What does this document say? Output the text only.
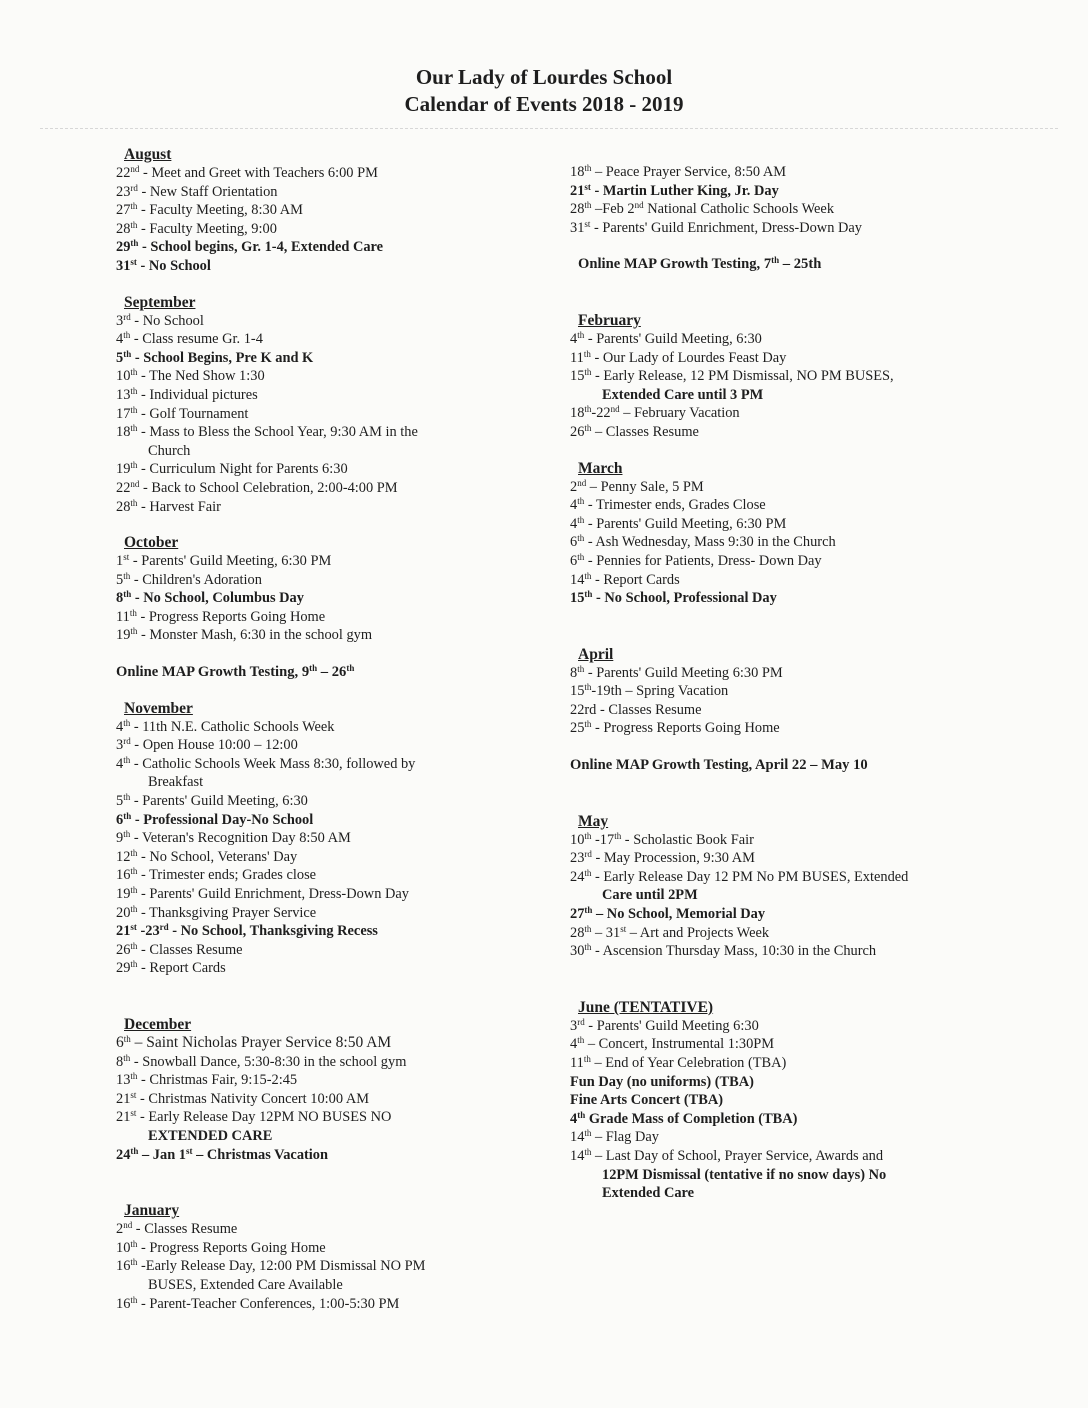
Our Lady of Lourdes School
Calendar of Events 2018 - 2019
August
22nd - Meet and Greet with Teachers 6:00 PM
23rd - New Staff Orientation
27th - Faculty Meeting, 8:30 AM
28th - Faculty Meeting, 9:00
29th - School begins, Gr. 1-4, Extended Care
31st - No School
September
3rd - No School
4th - Class resume Gr. 1-4
5th - School Begins, Pre K and K
10th - The Ned Show 1:30
13th - Individual pictures
17th - Golf Tournament
18th - Mass to Bless the School Year, 9:30 AM in the
Church
19th - Curriculum Night for Parents 6:30
22nd - Back to School Celebration, 2:00-4:00 PM
28th - Harvest Fair
October
1st - Parents' Guild Meeting, 6:30 PM
5th - Children's Adoration
8th - No School, Columbus Day
11th - Progress Reports Going Home
19th - Monster Mash, 6:30 in the school gym
Online MAP Growth Testing, 9th – 26th
November
4th - 11th N.E. Catholic Schools Week
3rd - Open House 10:00 – 12:00
4th - Catholic Schools Week Mass 8:30, followed by
Breakfast
5th - Parents' Guild Meeting, 6:30
6th - Professional Day-No School
9th - Veteran's Recognition Day 8:50 AM
12th - No School, Veterans' Day
16th - Trimester ends; Grades close
19th - Parents' Guild Enrichment, Dress-Down Day
20th - Thanksgiving Prayer Service
21st -23rd - No School, Thanksgiving Recess
26th - Classes Resume
29th - Report Cards
December
6th – Saint Nicholas Prayer Service 8:50 AM
8th - Snowball Dance, 5:30-8:30 in the school gym
13th - Christmas Fair, 9:15-2:45
21st - Christmas Nativity Concert 10:00 AM
21st - Early Release Day 12PM NO BUSES NO
EXTENDED CARE
24th – Jan 1st – Christmas Vacation
January
2nd - Classes Resume
10th - Progress Reports Going Home
16th -Early Release Day, 12:00 PM Dismissal NO PM
BUSES, Extended Care Available
16th - Parent-Teacher Conferences, 1:00-5:30 PM
18th – Peace Prayer Service, 8:50 AM
21st - Martin Luther King, Jr. Day
28th –Feb 2nd National Catholic Schools Week
31st - Parents' Guild Enrichment, Dress-Down Day
Online MAP Growth Testing, 7th – 25th
February
4th - Parents' Guild Meeting, 6:30
11th - Our Lady of Lourdes Feast Day
15th - Early Release, 12 PM Dismissal, NO PM BUSES,
Extended Care until 3 PM
18th-22nd – February Vacation
26th – Classes Resume
March
2nd – Penny Sale, 5 PM
4th - Trimester ends, Grades Close
4th - Parents' Guild Meeting, 6:30 PM
6th - Ash Wednesday, Mass 9:30 in the Church
6th - Pennies for Patients, Dress- Down Day
14th - Report Cards
15th - No School, Professional Day
April
8th - Parents' Guild Meeting 6:30 PM
15th-19th – Spring Vacation
22rd - Classes Resume
25th - Progress Reports Going Home
Online MAP Growth Testing, April 22 – May 10
May
10th -17th - Scholastic Book Fair
23rd - May Procession, 9:30 AM
24th - Early Release Day 12 PM No PM BUSES, Extended
Care until 2PM
27th – No School, Memorial Day
28th – 31st – Art and Projects Week
30th - Ascension Thursday Mass, 10:30 in the Church
June (TENTATIVE)
3rd - Parents' Guild Meeting 6:30
4th – Concert, Instrumental 1:30PM
11th – End of Year Celebration (TBA)
Fun Day (no uniforms) (TBA)
Fine Arts Concert (TBA)
4th Grade Mass of Completion (TBA)
14th – Flag Day
14th – Last Day of School, Prayer Service, Awards and
12PM Dismissal (tentative if no snow days) No
Extended Care
